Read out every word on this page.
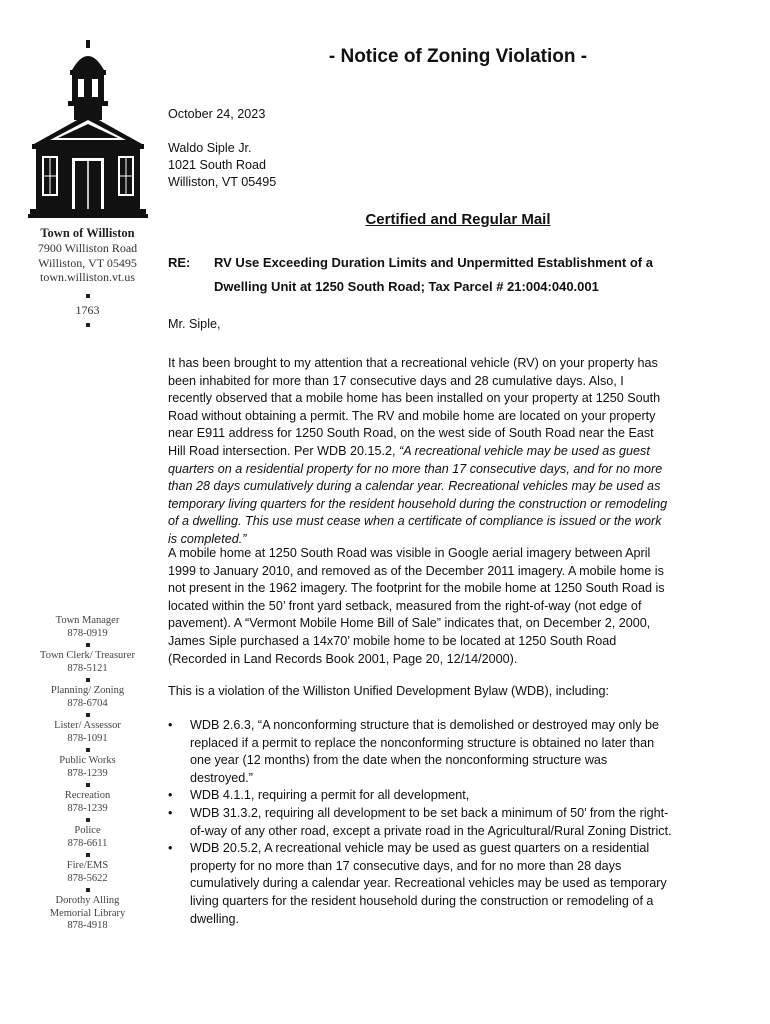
Town of Williston
7900 Williston Road
Williston, VT 05495
town.williston.vt.us
1763
Town Manager
878-0919
Town Clerk/ Treasurer
878-5121
Planning/ Zoning
878-6704
Lister/ Assessor
878-1091
Public Works
878-1239
Recreation
878-1239
Police
878-6611
Fire/EMS
878-5622
Dorothy Alling
Memorial Library
878-4918
- Notice of Zoning Violation -
October 24, 2023
Waldo Siple Jr.
1021 South Road
Williston, VT 05495
Certified and Regular Mail
RE: RV Use Exceeding Duration Limits and Unpermitted Establishment of a
Dwelling Unit at 1250 South Road; Tax Parcel # 21:004:040.001
Mr. Siple,

It has been brought to my attention that a recreational vehicle (RV) on your property has been inhabited for more than 17 consecutive days and 28 cumulative days. Also, I recently observed that a mobile home has been installed on your property at 1250 South Road without obtaining a permit. The RV and mobile home are located on your property near E911 address for 1250 South Road, on the west side of South Road near the East Hill Road intersection. Per WDB 20.15.2, “A recreational vehicle may be used as guest quarters on a residential property for no more than 17 consecutive days, and for no more than 28 days cumulatively during a calendar year. Recreational vehicles may be used as temporary living quarters for the resident household during the construction or remodeling of a dwelling. This use must cease when a certificate of compliance is issued or the work is completed.”

A mobile home at 1250 South Road was visible in Google aerial imagery between April 1999 to January 2010, and removed as of the December 2011 imagery. A mobile home is not present in the 1962 imagery. The footprint for the mobile home at 1250 South Road is located within the 50’ front yard setback, measured from the right-of-way (not edge of pavement). A “Vermont Mobile Home Bill of Sale” indicates that, on December 2, 2000, James Siple purchased a 14x70’ mobile home to be located at 1250 South Road (Recorded in Land Records Book 2001, Page 20, 12/14/2000).

This is a violation of the Williston Unified Development Bylaw (WDB), including:

• WDB 2.6.3, “A nonconforming structure that is demolished or destroyed may only be replaced if a permit to replace the nonconforming structure is obtained no later than one year (12 months) from the date when the nonconforming structure was destroyed.”
• WDB 4.1.1, requiring a permit for all development,
• WDB 31.3.2, requiring all development to be set back a minimum of 50’ from the right-of-way of any other road, except a private road in the Agricultural/Rural Zoning District.
• WDB 20.5.2, A recreational vehicle may be used as guest quarters on a residential property for no more than 17 consecutive days, and for no more than 28 days cumulatively during a calendar year. Recreational vehicles may be used as temporary living quarters for the resident household during the construction or remodeling of a dwelling.
